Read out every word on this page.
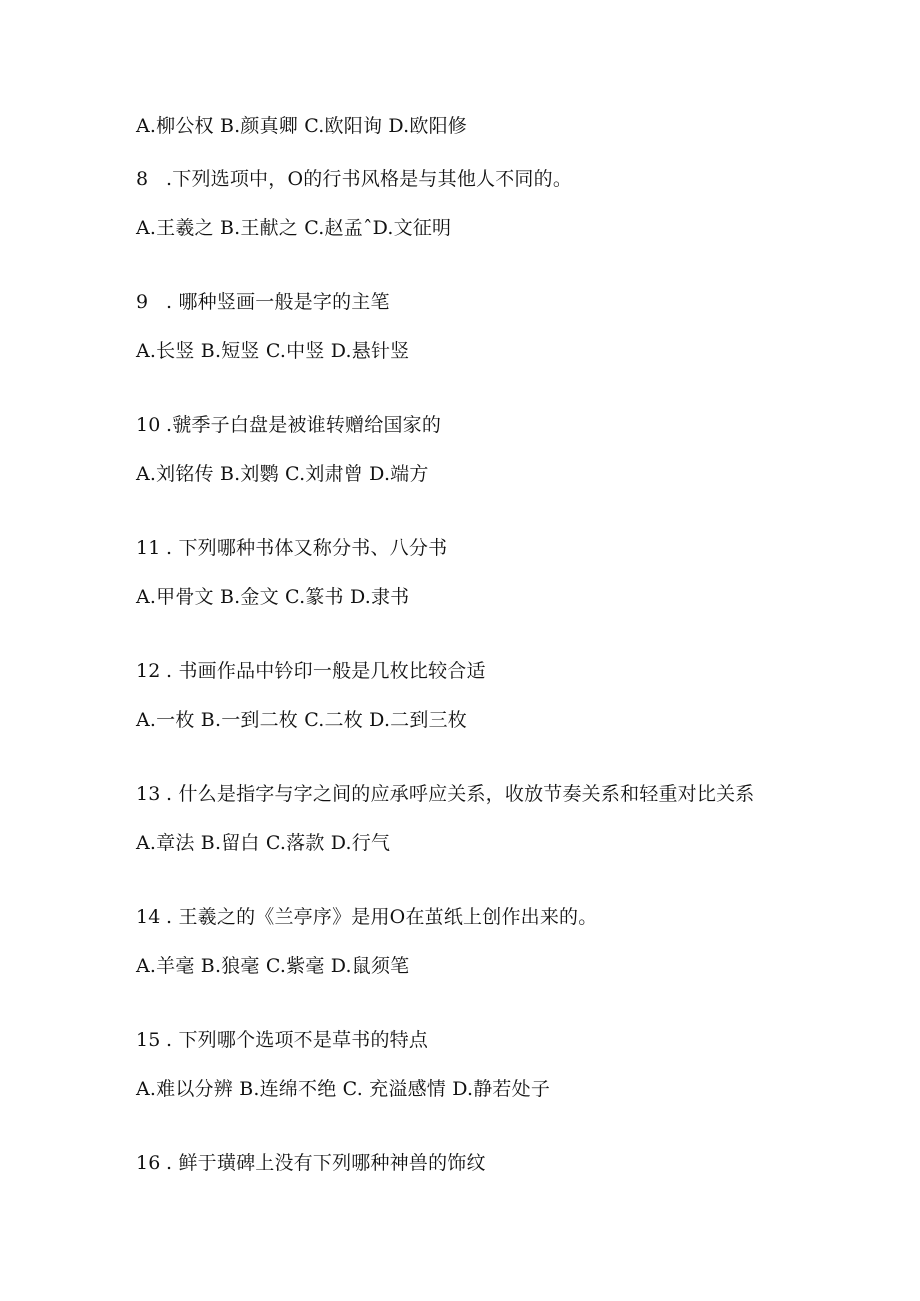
A.柳公权 B.颜真卿 C.欧阳询 D.欧阳修
8 .下列选项中，O的行书风格是与其他人不同的。
A.王羲之 B.王献之 C.赵孟ˆD.文征明
9 . 哪种竖画一般是字的主笔
A.长竖 B.短竖 C.中竖 D.悬针竖
10 .虢季子白盘是被谁转赠给国家的
A.刘铭传 B.刘鹦 C.刘肃曾 D.端方
11 . 下列哪种书体又称分书、八分书
A.甲骨文 B.金文 C.篆书 D.隶书
12 . 书画作品中钤印一般是几枚比较合适
A.一枚 B.一到二枚 C.二枚 D.二到三枚
13 . 什么是指字与字之间的应承呼应关系，收放节奏关系和轻重对比关系
A.章法 B.留白 C.落款 D.行气
14 . 王羲之的《兰亭序》是用O在茧纸上创作出来的。
A.羊毫 B.狼毫 C.紫毫 D.鼠须笔
15 . 下列哪个选项不是草书的特点
A.难以分辨 B.连绵不绝 C. 充溢感情 D.静若处子
16 . 鲜于璜碑上没有下列哪种神兽的饰纹
